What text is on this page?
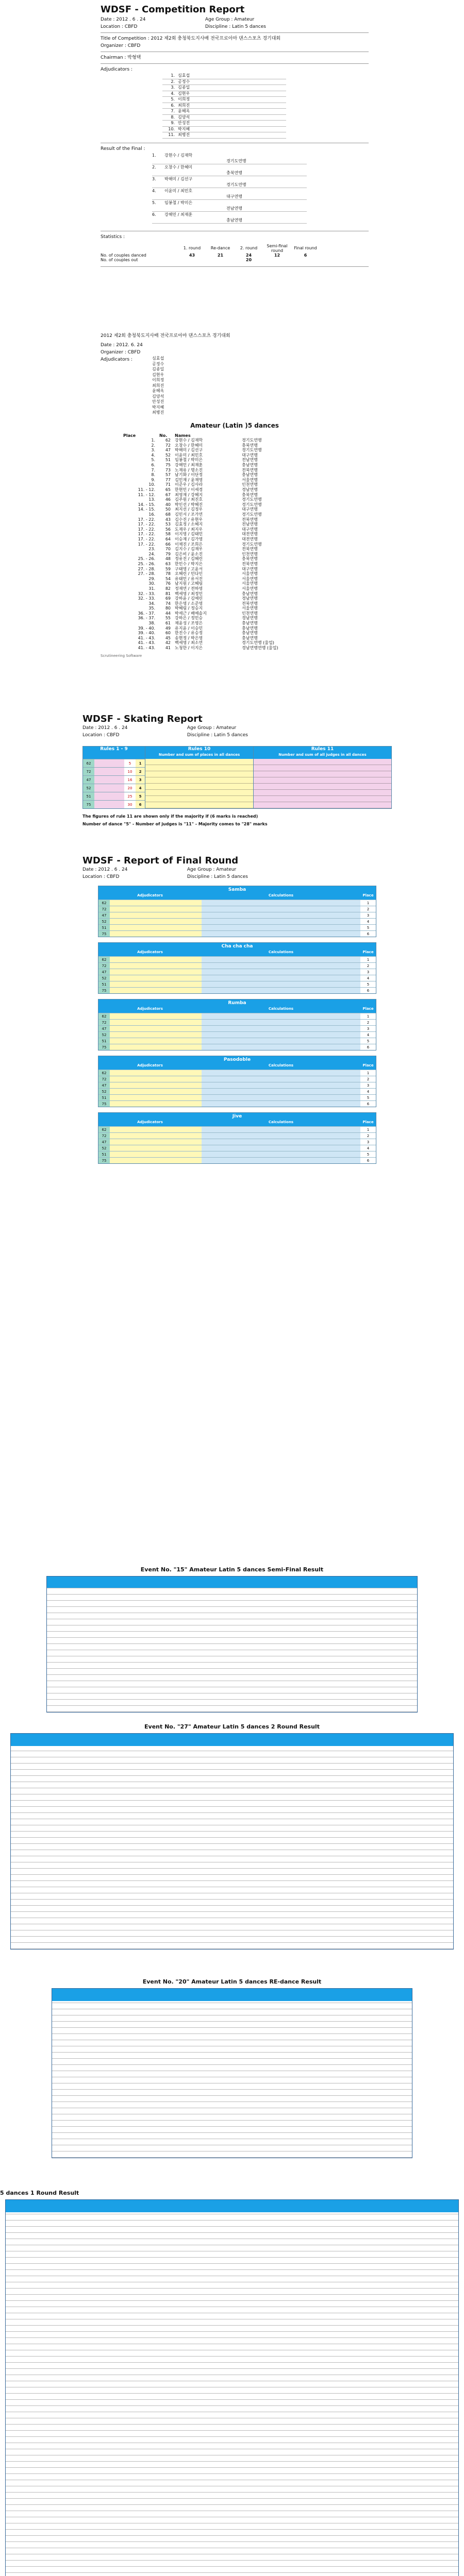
WDSF - Competition Report
Date : 2012 . 6 . 24	Age Group : Amateur
Location : CBFD	Discipline : Latin 5 dances
Title of Competition : 2012 제2회 충청북도지사배 전국프로아마 댄스스포츠 경기대회
Organizer : CBFD
Chairman : 박형택
Adjudicators :
1. 심효섭
2. 공정수
3. 김종일
4. 김현우
5. 이희정
6. 최희진
7. 윤혜옥
8. 김양석
9. 안성진
10. 박지혜
11. 최병진
Result of the Final :
1. 강현수 / 김재학
경기도연맹
2. 오창수 / 한혜미
충북연맹
3. 박해미 / 김선구
경기도연맹
4. 이윤미 / 최민호
대구연맹
5. 임봉철 / 박미은
전남연맹
6. 강해민 / 최재훈
충남연맹
Statistics :
	1. round	Re-dance	2. round	Semi-final round	Final round
No. of couples danced	43	21	24	12	6
No. of couples out			20		
2012 제2회 충청북도지사배 전국프로아마 댄스스포츠 경기대회
Date : 2012. 6. 24
Organizer : CBFD
Adjudicators :	심효섭
공정수
김종일
김현우
이희정
최희진
윤혜옥
김양석
안성진
박지혜
최병진
Amateur (Latin )5 dances
Place	No.	Names	
1.	62	강현수 / 김재학	경기도연맹
2.	72	오창수 / 한혜미	충북연맹
3.	47	박해미 / 김선구	경기도연맹
4.	52	이윤미 / 최민호	대구연맹
5.	51	임봉철 / 박미은	전남연맹
6.	75	강해민 / 최재훈	충남연맹
7.	73	노재유 / 명소진	전북연맹
8.	57	남기화 / 이단정	충남연맹
9.	77	김민재 / 윤재영	서울연맹
10.	71	이준우 / 김사라	인천연맹
11. - 12.	65	한현민 / 이세경	경남연맹
11. - 12.	67	최영재 / 강혜지	충북연맹
13.	46	김주원 / 최진호	경기도연맹
14. - 15.	40	박인선 / 박혜진	경기도연맹
14. - 15.	50	최지선 / 김정우	대구연맹
16.	68	김민서 / 조가연	경기도연맹
17. - 22.	43	김수진 / 유현우	전북연맹
17. - 22.	53	김효정 / 소혜지	전남연맹
17. - 22.	56	도재우 / 최지우	대구연맹
17. - 22.	58	이지영 / 김태민	대전연맹
17. - 22.	64	이승재 / 김가영	대전연맹
17. - 22.	66	이채진 / 조희은	경기도연맹
23.	70	김지수 / 김재우	전북연맹
24.	79	김은비 / 윤소진	인천연맹
25. - 26.	48	정유진 / 김혜린	충북연맹
25. - 26.	63	한민수 / 박지은	전북연맹
27. - 28.	59	구태영 / 고윤서	대구연맹
27. - 28.	78	오혜린 / 민다인	서울연맹
29.	54	유태민 / 유서진	서울연맹
30.	76	남지원 / 고혜림	서울연맹
31.	82	정재연 / 전하영	서울연맹
32. - 33.	81	백세영 / 최정민	충남연맹
32. - 33.	69	강하윤 / 김예린	경남연맹
34.	74	한은영 / 소준영	전북연맹
35.	80	박혜림 / 정승지	서울연맹
36. - 37.	44	박세근 / 배예솔지	인천연맹
36. - 37.	55	강하은 / 정민승	경남연맹
38.	61	채윤성 / 조영은	충남연맹
39. - 40.	49	유지윤 / 이승민	충남연맹
39. - 40.	60	한진수 / 유승정	충남연맹
41. - 43.	45	송현정 / 박은영	충남연맹
41. - 43.	42	백세영 / 최소연	경기도연맹 (울업)
41. - 43.	41	노청한 / 이지은	경남연맹연맹 (울업)
Scrutineering Software
WDSF - Skating Report
Date : 2012 . 6 . 24	Age Group : Amateur
Location : CBFD	Discipline : Latin 5 dances
Rules 1 - 9

62	5	1
72	10	2
47	16	3
52	20	4
51	25	5
75	30	6
Rules 10
Number and sum of places in all dances
Rules 11
Number and sum of all judges in all dances
The figures of rule 11 are shown only if the majority if (6 marks is reached)
Number of dance "5" - Number of judges is "11" - Majority comes to "28" marks
WDSF - Report of Final Round
Date : 2012 . 6 . 24	Age Group : Amateur
Location : CBFD	Discipline : Latin 5 dances
Samba
Adjudicators	Calculations	Place
62	1
72	2
47	3
52	4
51	5
75	6
Cha cha cha
Adjudicators	Calculations	Place
62	1
72	2
47	3
52	4
51	5
75	6
Rumba
Adjudicators	Calculations	Place
62	1
72	2
47	3
52	4
51	5
75	6
Pasodoble
Adjudicators	Calculations	Place
62	1
72	2
47	3
52	4
51	5
75	6
Jive
Adjudicators	Calculations	Place
62	1
72	2
47	3
52	4
51	5
75	6
Event No. "15" Amateur Latin 5 dances Semi-Final Result
Event No. "27" Amateur Latin 5 dances 2 Round Result
Event No. "20" Amateur Latin 5 dances RE-dance Result
5 dances 1 Round Result
